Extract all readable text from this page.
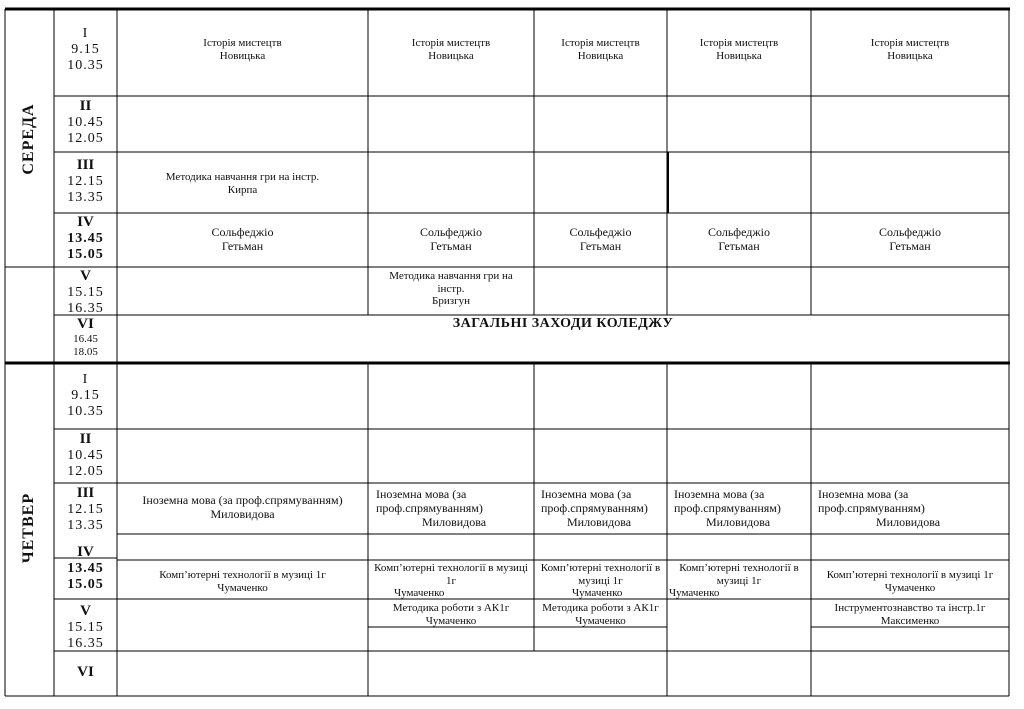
СЕРЕДА
ЧЕТВЕР
I
9.15
10.35
II
10.45
12.05
III
12.15
13.35
IV
13.45
15.05
V
15.15
16.35
VI
16.45
18.05
Історія мистецтв
Новицька
Історія мистецтв
Новицька
Історія мистецтв
Новицька
Історія мистецтв
Новицька
Історія мистецтв
Новицька
Методика навчання гри на інстр.
Кирпа
Сольфеджіо
Гетьман
Сольфеджіо
Гетьман
Сольфеджіо
Гетьман
Сольфеджіо
Гетьман
Сольфеджіо
Гетьман
Методика навчання гри на
інстр.
Бризгун
ЗАГАЛЬНІ ЗАХОДИ КОЛЕДЖУ
I
9.15
10.35
II
10.45
12.05
III
12.15
13.35
IV
13.45
15.05
V
15.15
16.35
VI
Іноземна мова (за проф.спрямуванням)
Миловидова
Іноземна мова (за
проф.спрямуванням)
Миловидова
Іноземна мова (за
проф.спрямуванням)
Миловидова
Іноземна мова (за
проф.спрямуванням)
Миловидова
Іноземна мова (за
проф.спрямуванням)
Миловидова
Комп’ютерні технології в музиці 1г
Чумаченко
Комп’ютерні технології в музиці
1г
Чумаченко
Комп’ютерні технології в
музиці 1г
Чумаченко
Комп’ютерні технології в
музиці 1г
Чумаченко
Комп’ютерні технології в музиці 1г
Чумаченко
Методика роботи з АК1г
Чумаченко
Методика роботи з АК1г
Чумаченко
Інструментознавство та інстр.1г
Максименко
